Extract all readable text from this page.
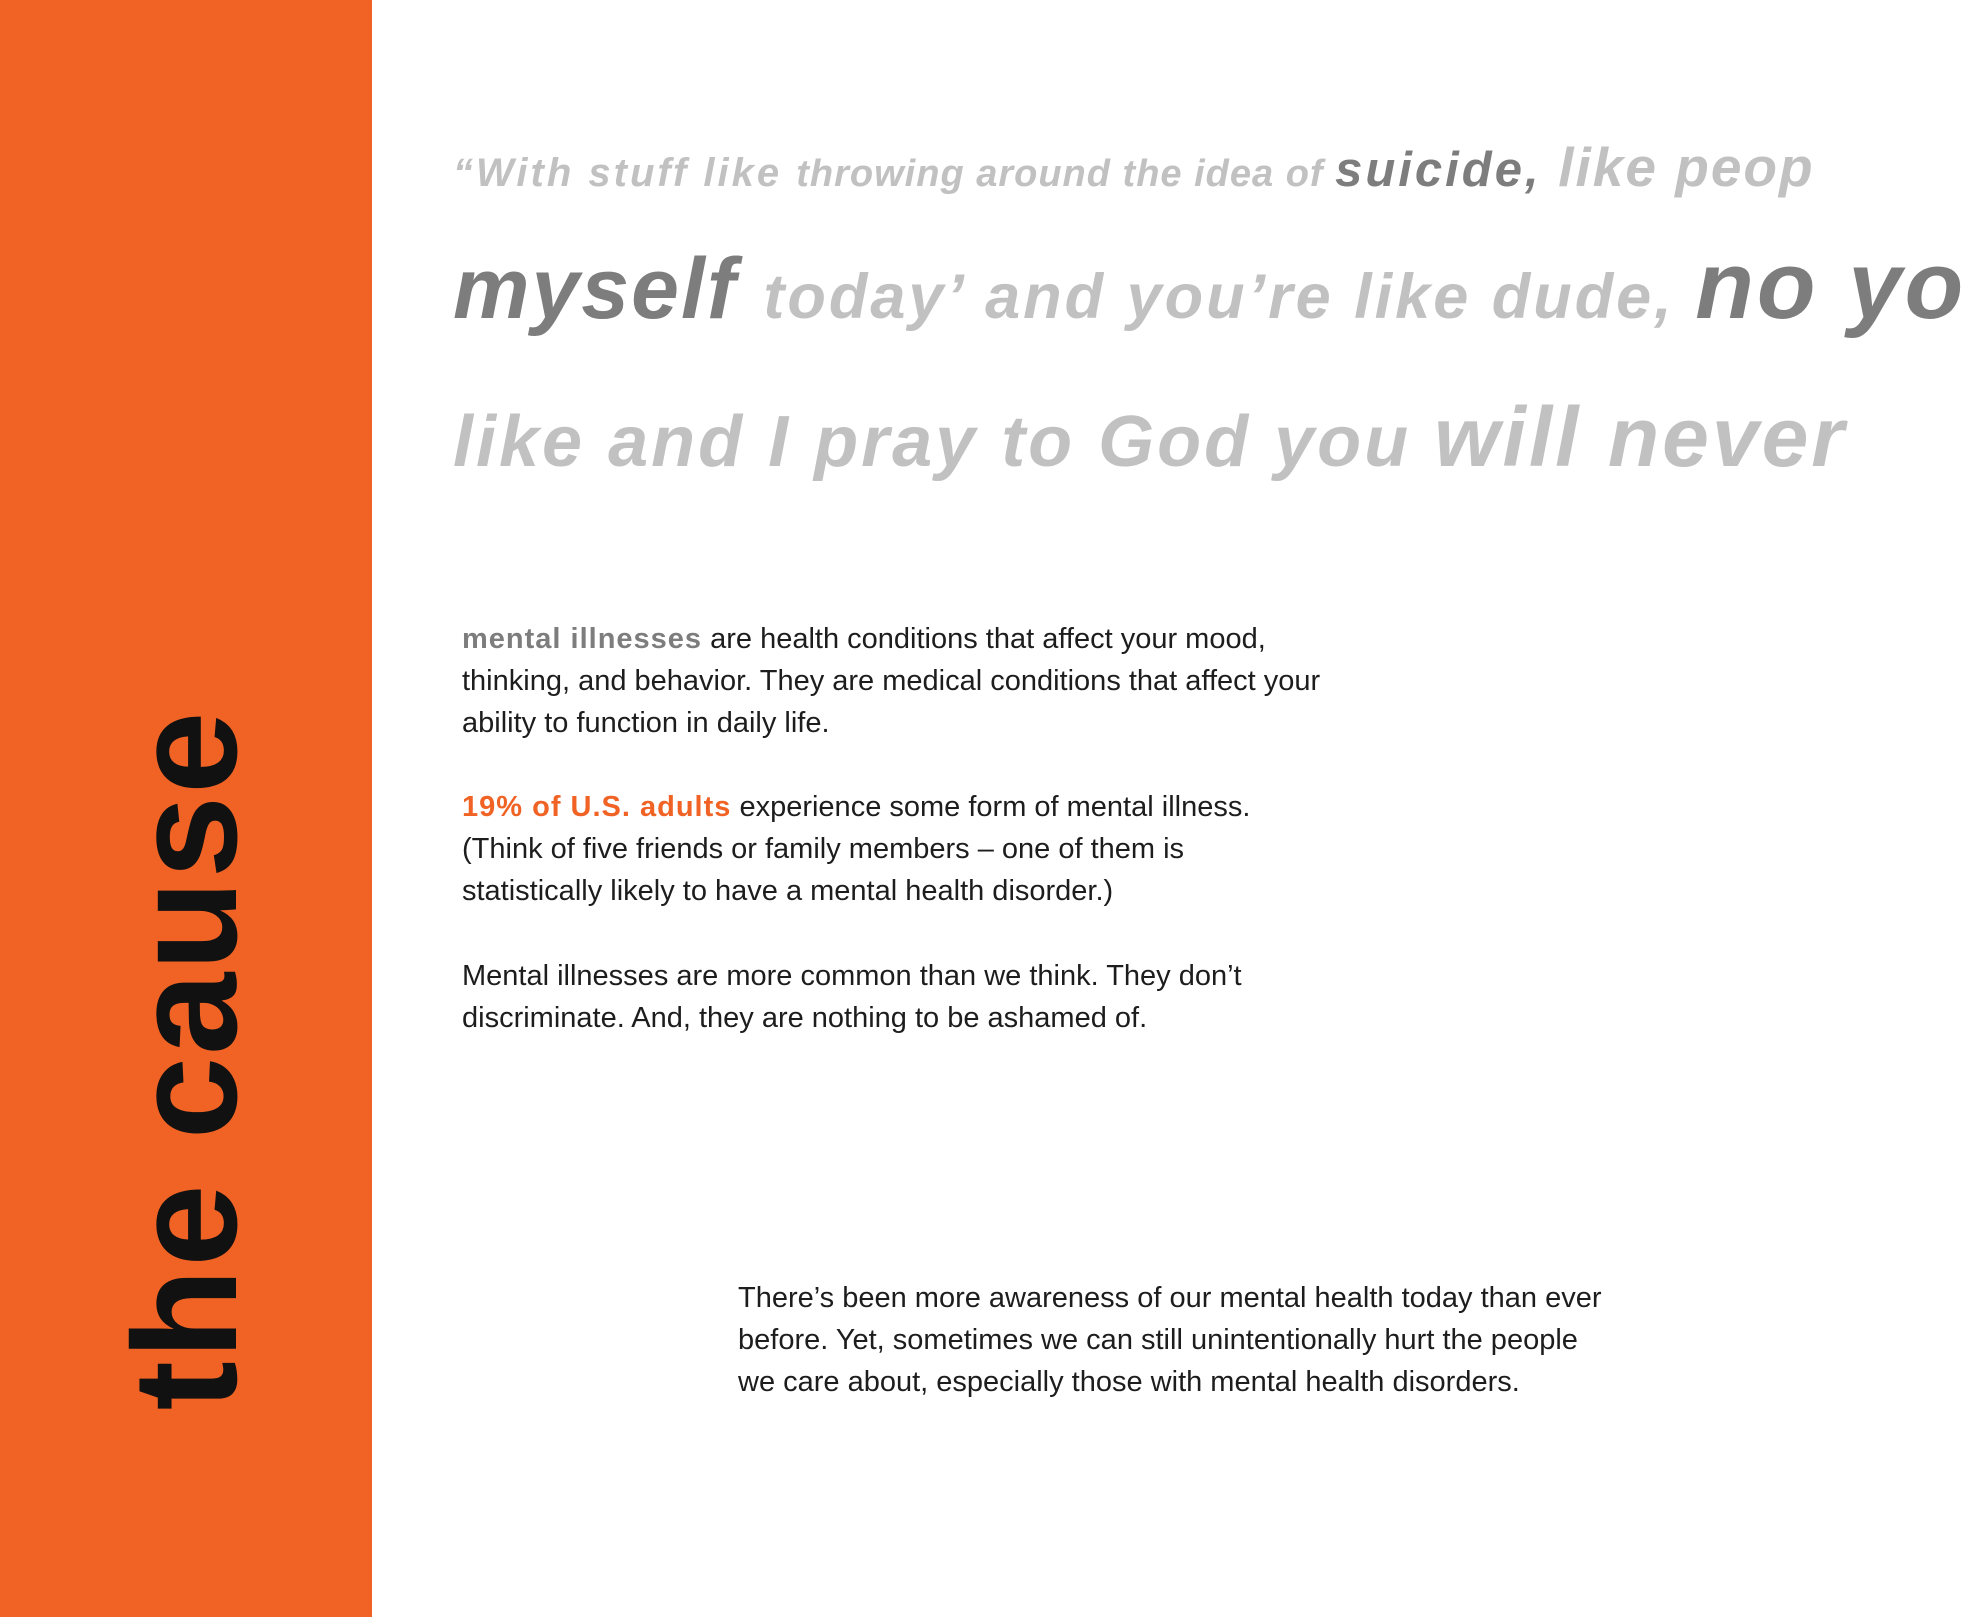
the cause
“With stuff like throwing around the idea of suicide, like peop
myself today’ and you’re like dude, no yo
like and I pray to God you will never
mental illnesses are health conditions that affect your mood,
thinking, and behavior. They are medical conditions that affect your
ability to function in daily life.
19% of U.S. adults experience some form of mental illness.
(Think of five friends or family members – one of them is
statistically likely to have a mental health disorder.)
Mental illnesses are more common than we think. They don’t
discriminate. And, they are nothing to be ashamed of.
There’s been more awareness of our mental health today than ever
before. Yet, sometimes we can still unintentionally hurt the people
we care about, especially those with mental health disorders.
